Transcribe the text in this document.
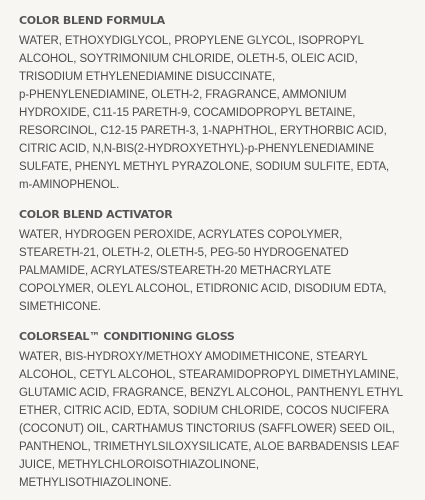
COLOR BLEND FORMULA
WATER, ETHOXYDIGLYCOL, PROPYLENE GLYCOL, ISOPROPYL
ALCOHOL, SOYTRIMONIUM CHLORIDE, OLETH-5, OLEIC ACID,
TRISODIUM ETHYLENEDIAMINE DISUCCINATE,
p-PHENYLENEDIAMINE, OLETH-2, FRAGRANCE, AMMONIUM
HYDROXIDE, C11-15 PARETH-9, COCAMIDOPROPYL BETAINE,
RESORCINOL, C12-15 PARETH-3, 1-NAPHTHOL, ERYTHORBIC ACID,
CITRIC ACID, N,N-BIS(2-HYDROXYETHYL)-p-PHENYLENEDIAMINE
SULFATE, PHENYL METHYL PYRAZOLONE, SODIUM SULFITE, EDTA,
m-AMINOPHENOL.
COLOR BLEND ACTIVATOR
WATER, HYDROGEN PEROXIDE, ACRYLATES COPOLYMER,
STEARETH-21, OLETH-2, OLETH-5, PEG-50 HYDROGENATED
PALMAMIDE, ACRYLATES/STEARETH-20 METHACRYLATE
COPOLYMER, OLEYL ALCOHOL, ETIDRONIC ACID, DISODIUM EDTA,
SIMETHICONE.
COLORSEAL™ CONDITIONING GLOSS
WATER, BIS-HYDROXY/METHOXY AMODIMETHICONE, STEARYL
ALCOHOL, CETYL ALCOHOL, STEARAMIDOPROPYL DIMETHYLAMINE,
GLUTAMIC ACID, FRAGRANCE, BENZYL ALCOHOL, PANTHENYL ETHYL
ETHER, CITRIC ACID, EDTA, SODIUM CHLORIDE, COCOS NUCIFERA
(COCONUT) OIL, CARTHAMUS TINCTORIUS (SAFFLOWER) SEED OIL,
PANTHENOL, TRIMETHYLSILOXYSILICATE, ALOE BARBADENSIS LEAF
JUICE, METHYLCHLOROISOTHIAZOLINONE,
METHYLISOTHIAZOLINONE.
